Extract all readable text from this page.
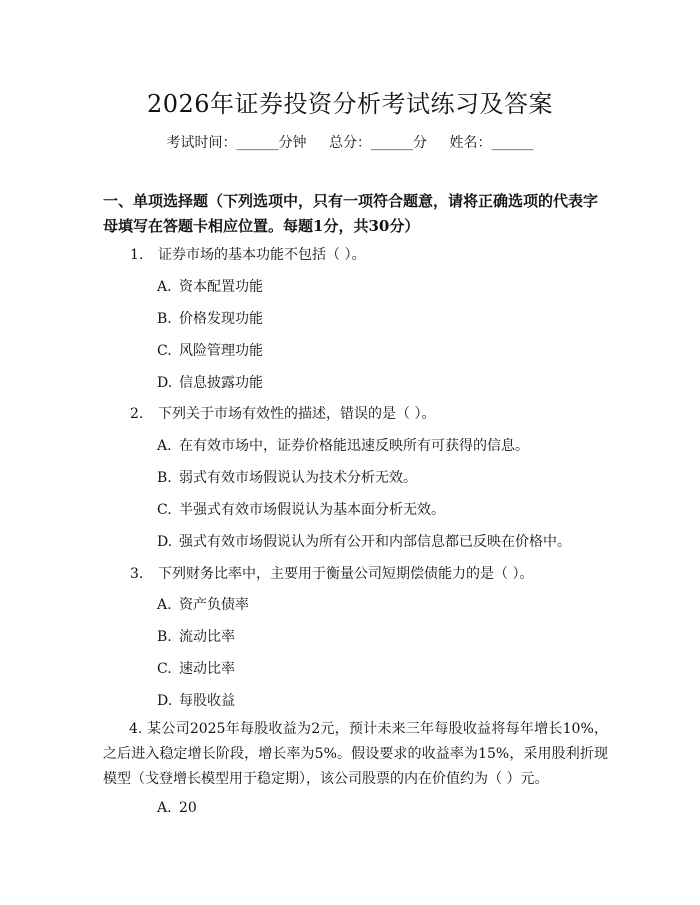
2026年证券投资分析考试练习及答案
考试时间：______分钟 总分：______分 姓名：______
一、单项选择题（下列选项中，只有一项符合题意，请将正确选项的代表字母填写在答题卡相应位置。每题1分，共30分）
1. 证券市场的基本功能不包括（ ）。
A. 资本配置功能
B. 价格发现功能
C. 风险管理功能
D. 信息披露功能
2. 下列关于市场有效性的描述，错误的是（ ）。
A. 在有效市场中，证券价格能迅速反映所有可获得的信息。
B. 弱式有效市场假说认为技术分析无效。
C. 半强式有效市场假说认为基本面分析无效。
D. 强式有效市场假说认为所有公开和内部信息都已反映在价格中。
3. 下列财务比率中，主要用于衡量公司短期偿债能力的是（ ）。
A. 资产负债率
B. 流动比率
C. 速动比率
D. 每股收益
4. 某公司2025年每股收益为2元，预计未来三年每股收益将每年增长10%，之后进入稳定增长阶段，增长率为5%。假设要求的收益率为15%，采用股利折现模型（戈登增长模型用于稳定期），该公司股票的内在价值约为（ ）元。
A. 20
